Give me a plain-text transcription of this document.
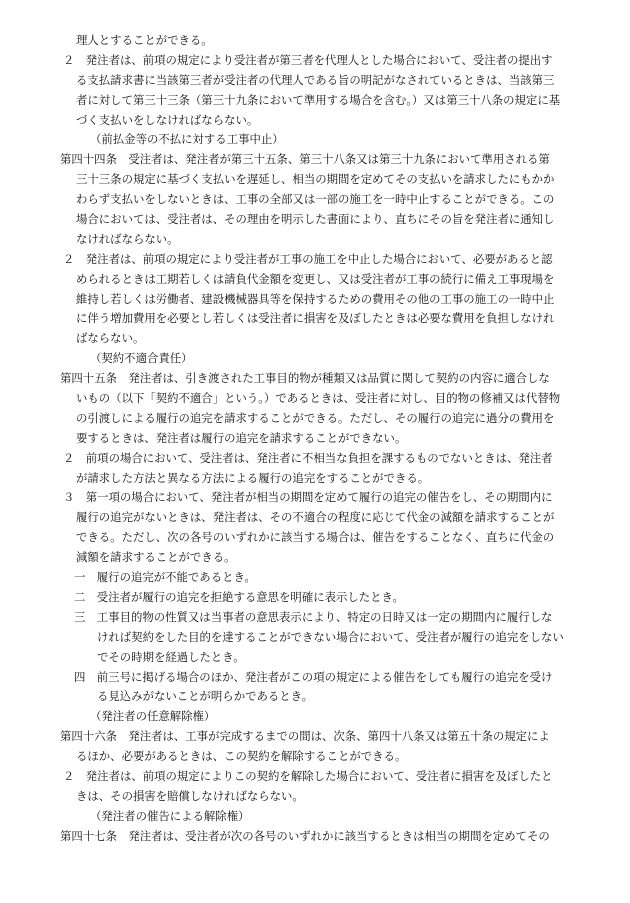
理人とすることができる。
２　発注者は、前項の規定により受注者が第三者を代理人とした場合において、受注者の提出す
る支払請求書に当該第三者が受注者の代理人である旨の明記がなされているときは、当該第三
者に対して第三十三条（第三十九条において準用する場合を含む。）又は第三十八条の規定に基
づく支払いをしなければならない。
（前払金等の不払に対する工事中止）
第四十四条　受注者は、発注者が第三十五条、第三十八条又は第三十九条において準用される第
三十三条の規定に基づく支払いを遅延し、相当の期間を定めてその支払いを請求したにもかか
わらず支払いをしないときは、工事の全部又は一部の施工を一時中止することができる。この
場合においては、受注者は、その理由を明示した書面により、直ちにその旨を発注者に通知し
なければならない。
２　発注者は、前項の規定により受注者が工事の施工を中止した場合において、必要があると認
められるときは工期若しくは請負代金額を変更し、又は受注者が工事の続行に備え工事現場を
維持し若しくは労働者、建設機械器具等を保持するための費用その他の工事の施工の一時中止
に伴う増加費用を必要とし若しくは受注者に損害を及ぼしたときは必要な費用を負担しなけれ
ばならない。
（契約不適合責任）
第四十五条　発注者は、引き渡された工事目的物が種類又は品質に関して契約の内容に適合しな
いもの（以下「契約不適合」という。）であるときは、受注者に対し、目的物の修補又は代替物
の引渡しによる履行の追完を請求することができる。ただし、その履行の追完に過分の費用を
要するときは、発注者は履行の追完を請求することができない。
２　前項の場合において、受注者は、発注者に不相当な負担を課するものでないときは、発注者
が請求した方法と異なる方法による履行の追完をすることができる。
３　第一項の場合において、発注者が相当の期間を定めて履行の追完の催告をし、その期間内に
履行の追完がないときは、発注者は、その不適合の程度に応じて代金の減額を請求することが
できる。ただし、次の各号のいずれかに該当する場合は、催告をすることなく、直ちに代金の
減額を請求することができる。
一　履行の追完が不能であるとき。
二　受注者が履行の追完を拒絶する意思を明確に表示したとき。
三　工事目的物の性質又は当事者の意思表示により、特定の日時又は一定の期間内に履行しな
ければ契約をした目的を達することができない場合において、受注者が履行の追完をしない
でその時期を経過したとき。
四　前三号に掲げる場合のほか、発注者がこの項の規定による催告をしても履行の追完を受け
る見込みがないことが明らかであるとき。
（発注者の任意解除権）
第四十六条　発注者は、工事が完成するまでの間は、次条、第四十八条又は第五十条の規定によ
るほか、必要があるときは、この契約を解除することができる。
２　発注者は、前項の規定によりこの契約を解除した場合において、受注者に損害を及ぼしたと
きは、その損害を賠償しなければならない。
（発注者の催告による解除権）
第四十七条　発注者は、受注者が次の各号のいずれかに該当するときは相当の期間を定めてその
